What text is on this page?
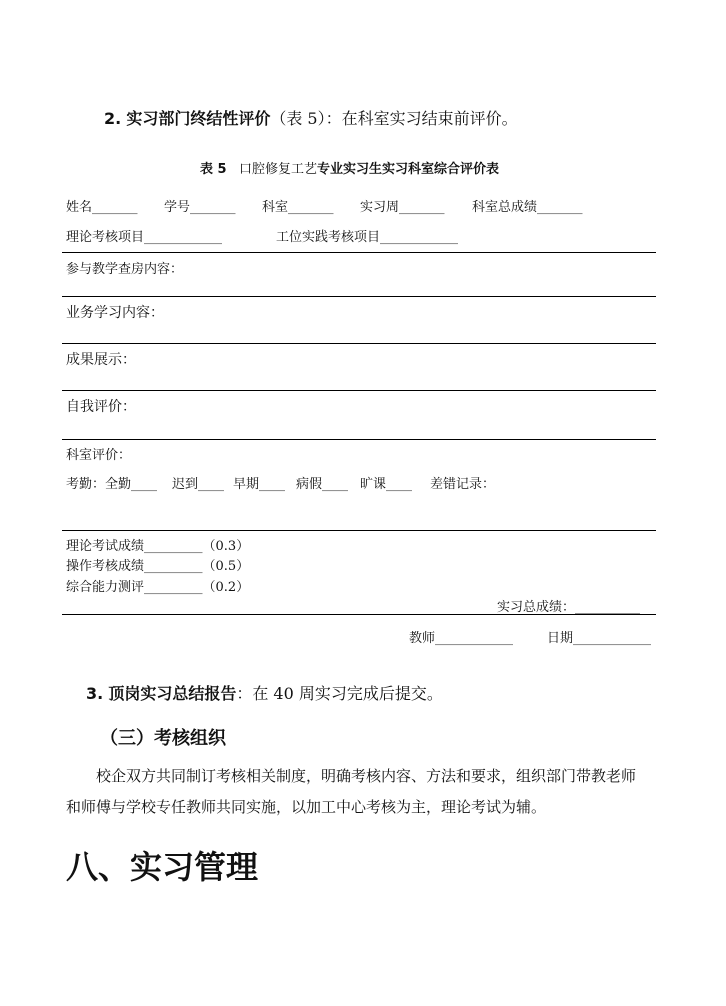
2. 实习部门终结性评价（表 5）：在科室实习结束前评价。
表 5 口腔修复工艺专业实习生实习科室综合评价表
姓名_______ 学号_______ 科室_______ 实习周_______ 科室总成绩_______
理论考核项目____________	工位实践考核项目____________
参与教学查房内容：
业务学习内容：
成果展示：
自我评价：
科室评价：
考勤：全勤____ 迟到____ 早期____ 病假____ 旷课____ 差错记录：
理论考试成绩_________（0.3）
操作考核成绩_________（0.5）
综合能力测评_________（0.2）
实习总成绩：__________
教师____________	日期____________
3. 顶岗实习总结报告：在 40 周实习完成后提交。
（三）考核组织
校企双方共同制订考核相关制度，明确考核内容、方法和要求，组织部门带教老师
和师傅与学校专任教师共同实施，以加工中心考核为主，理论考试为辅。
八、实习管理
